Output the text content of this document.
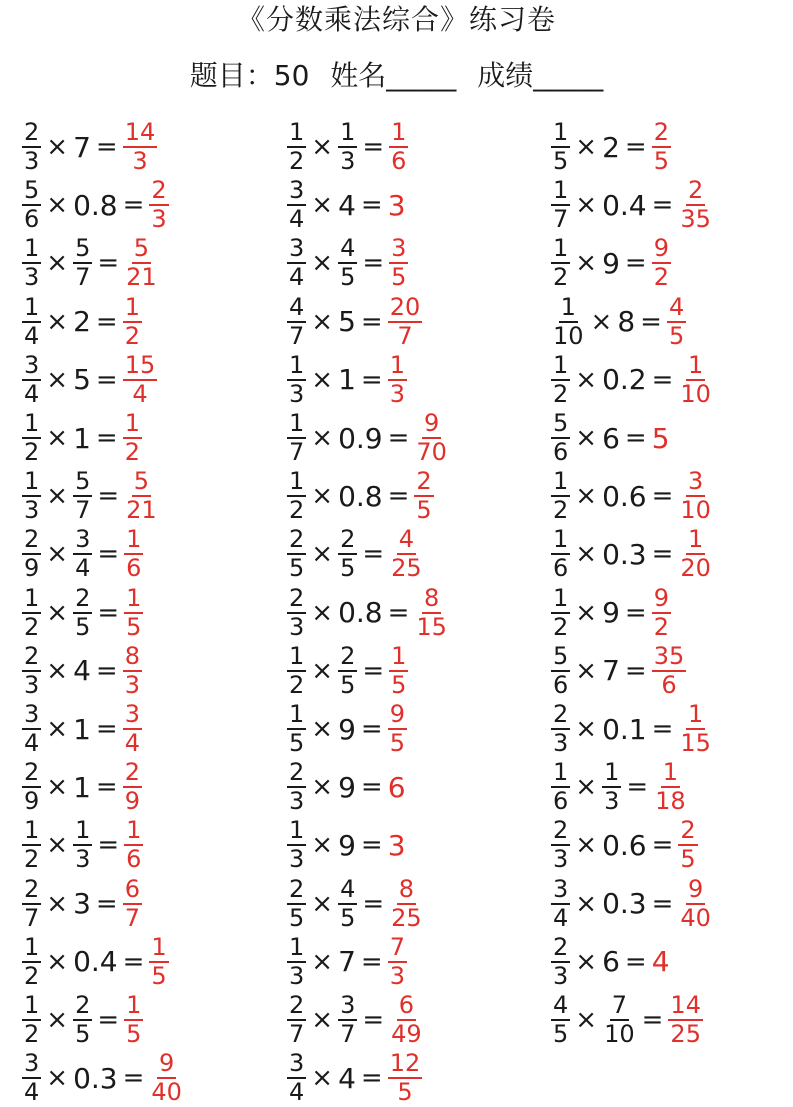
《分数乘法综合》练习卷
题目：50 姓名_____ 成绩_____
$\frac{2}{3} \times 7 = \frac{14}{3}$
$\frac{5}{6} \times 0.8 = \frac{2}{3}$
$\frac{1}{3} \times \frac{5}{7} = \frac{5}{21}$
$\frac{1}{4} \times 2 = \frac{1}{2}$
$\frac{3}{4} \times 5 = \frac{15}{4}$
$\frac{1}{2} \times 1 = \frac{1}{2}$
$\frac{1}{3} \times \frac{5}{7} = \frac{5}{21}$
$\frac{2}{9} \times \frac{3}{4} = \frac{1}{6}$
$\frac{1}{2} \times \frac{2}{5} = \frac{1}{5}$
$\frac{2}{3} \times 4 = \frac{8}{3}$
$\frac{3}{4} \times 1 = \frac{3}{4}$
$\frac{2}{9} \times 1 = \frac{2}{9}$
$\frac{1}{2} \times \frac{1}{3} = \frac{1}{6}$
$\frac{2}{7} \times 3 = \frac{6}{7}$
$\frac{1}{2} \times 0.4 = \frac{1}{5}$
$\frac{1}{2} \times \frac{2}{5} = \frac{1}{5}$
$\frac{3}{4} \times 0.3 = \frac{9}{40}$
$\frac{1}{2} \times \frac{1}{3} = \frac{1}{6}$
$\frac{3}{4} \times 4 = 3$
$\frac{3}{4} \times \frac{4}{5} = \frac{3}{5}$
$\frac{4}{7} \times 5 = \frac{20}{7}$
$\frac{1}{3} \times 1 = \frac{1}{3}$
$\frac{1}{7} \times 0.9 = \frac{9}{70}$
$\frac{1}{2} \times 0.8 = \frac{2}{5}$
$\frac{2}{5} \times \frac{2}{5} = \frac{4}{25}$
$\frac{2}{3} \times 0.8 = \frac{8}{15}$
$\frac{1}{2} \times \frac{2}{5} = \frac{1}{5}$
$\frac{1}{5} \times 9 = \frac{9}{5}$
$\frac{2}{3} \times 9 = 6$
$\frac{1}{3} \times 9 = 3$
$\frac{2}{5} \times \frac{4}{5} = \frac{8}{25}$
$\frac{1}{3} \times 7 = \frac{7}{3}$
$\frac{2}{7} \times \frac{3}{7} = \frac{6}{49}$
$\frac{3}{4} \times 4 = \frac{12}{5}$
$\frac{1}{5} \times 2 = \frac{2}{5}$
$\frac{1}{7} \times 0.4 = \frac{2}{35}$
$\frac{1}{2} \times 9 = \frac{9}{2}$
$\frac{1}{10} \times 8 = \frac{4}{5}$
$\frac{1}{2} \times 0.2 = \frac{1}{10}$
$\frac{5}{6} \times 6 = 5$
$\frac{1}{2} \times 0.6 = \frac{3}{10}$
$\frac{1}{6} \times 0.3 = \frac{1}{20}$
$\frac{1}{2} \times 9 = \frac{9}{2}$
$\frac{5}{6} \times 7 = \frac{35}{6}$
$\frac{2}{3} \times 0.1 = \frac{1}{15}$
$\frac{1}{6} \times \frac{1}{3} = \frac{1}{18}$
$\frac{2}{3} \times 0.6 = \frac{2}{5}$
$\frac{3}{4} \times 0.3 = \frac{9}{40}$
$\frac{2}{3} \times 6 = 4$
$\frac{4}{5} \times \frac{7}{10} = \frac{14}{25}$
